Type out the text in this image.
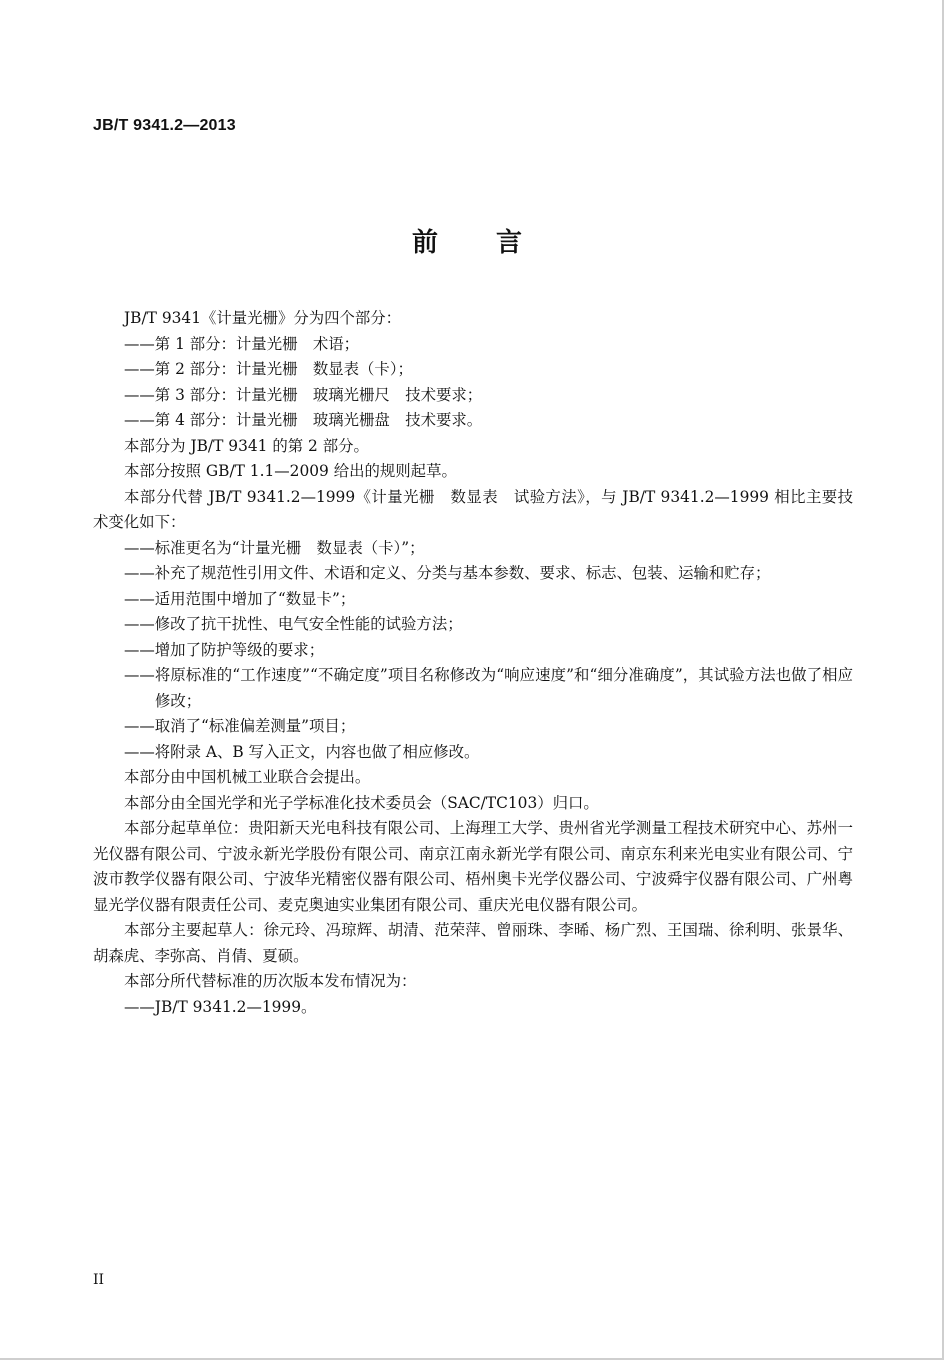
JB/T 9341.2—2013
前言

JB/T 9341《计量光栅》分为四个部分：

——第 1 部分：计量光栅　术语；

——第 2 部分：计量光栅　数显表（卡）；

——第 3 部分：计量光栅　玻璃光栅尺　技术要求；

——第 4 部分：计量光栅　玻璃光栅盘　技术要求。

本部分为 JB/T 9341 的第 2 部分。

本部分按照 GB/T 1.1—2009 给出的规则起草。

本部分代替 JB/T 9341.2—1999《计量光栅　数显表　试验方法》，与 JB/T 9341.2—1999 相比主要技术变化如下：

——标准更名为“计量光栅　数显表（卡）”；

——补充了规范性引用文件、术语和定义、分类与基本参数、要求、标志、包装、运输和贮存；

——适用范围中增加了“数显卡”；

——修改了抗干扰性、电气安全性能的试验方法；

——增加了防护等级的要求；

——将原标准的“工作速度”“不确定度”项目名称修改为“响应速度”和“细分准确度”，其试验方法也做了相应修改；

——取消了“标准偏差测量”项目；

——将附录 A、B 写入正文，内容也做了相应修改。

本部分由中国机械工业联合会提出。

本部分由全国光学和光子学标准化技术委员会（SAC/TC103）归口。

本部分起草单位：贵阳新天光电科技有限公司、上海理工大学、贵州省光学测量工程技术研究中心、苏州一光仪器有限公司、宁波永新光学股份有限公司、南京江南永新光学有限公司、南京东利来光电实业有限公司、宁波市教学仪器有限公司、宁波华光精密仪器有限公司、梧州奥卡光学仪器公司、宁波舜宇仪器有限公司、广州粤显光学仪器有限责任公司、麦克奥迪实业集团有限公司、重庆光电仪器有限公司。

本部分主要起草人：徐元玲、冯琼辉、胡清、范荣萍、曾丽珠、李晞、杨广烈、王国瑞、徐利明、张景华、胡森虎、李弥高、肖倩、夏硕。

本部分所代替标准的历次版本发布情况为：

——JB/T 9341.2—1999。

II
